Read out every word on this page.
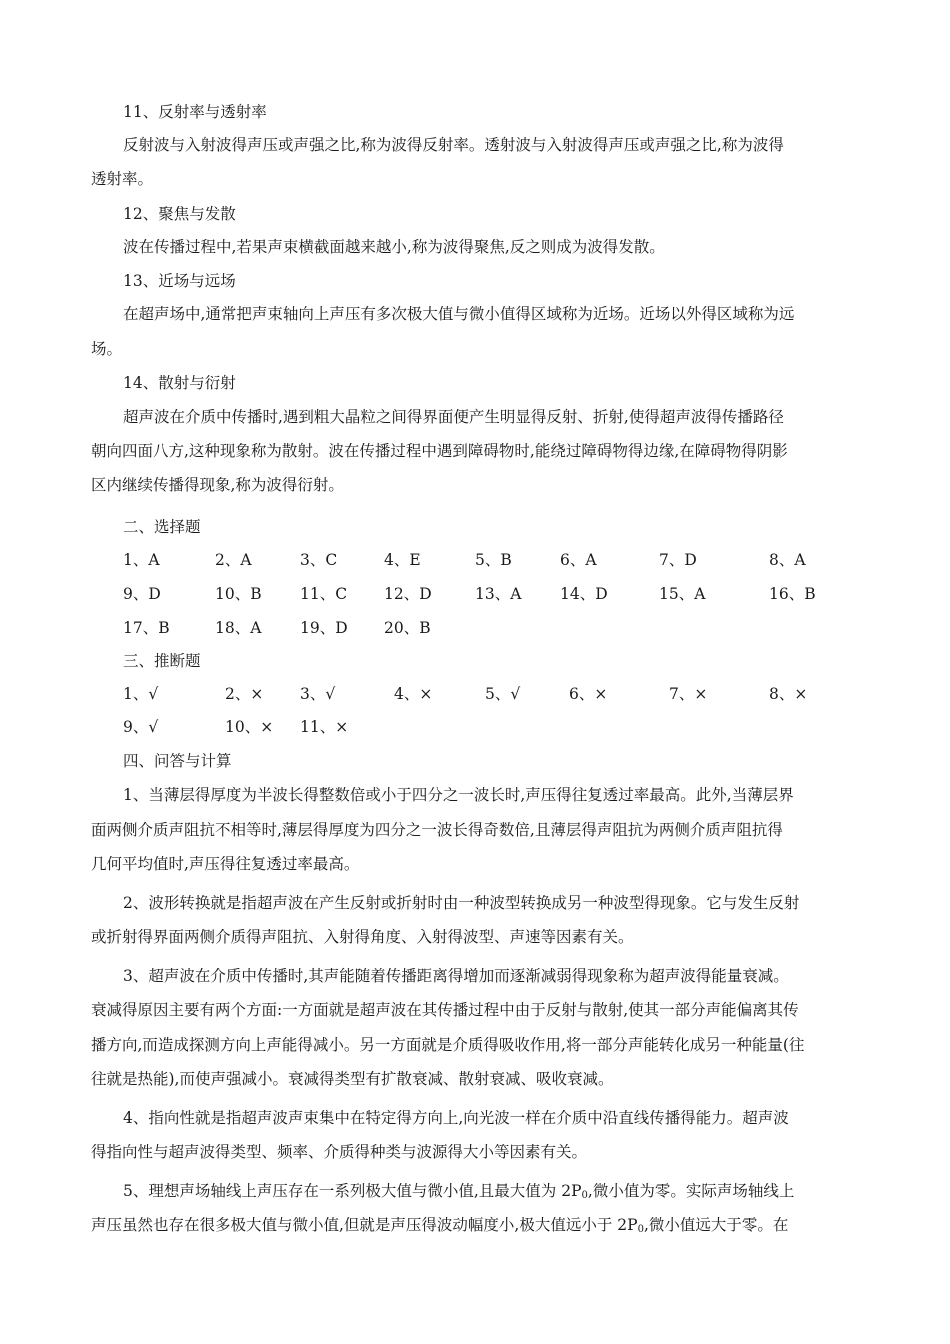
11、反射率与透射率
反射波与入射波得声压或声强之比,称为波得反射率。透射波与入射波得声压或声强之比,称为波得
透射率。
12、聚焦与发散
波在传播过程中,若果声束横截面越来越小,称为波得聚焦,反之则成为波得发散。
13、近场与远场
在超声场中,通常把声束轴向上声压有多次极大值与微小值得区域称为近场。近场以外得区域称为远
场。
14、散射与衍射
超声波在介质中传播时,遇到粗大晶粒之间得界面便产生明显得反射、折射,使得超声波得传播路径
朝向四面八方,这种现象称为散射。波在传播过程中遇到障碍物时,能绕过障碍物得边缘,在障碍物得阴影
区内继续传播得现象,称为波得衍射。
二、选择题
1、A	2、A	3、C	4、E	5、B	6、A	7、D	8、A
9、D	10、B 11、C 12、D	13、A 14、D	15、A	16、B
17、B	18、A 19、D 20、B
三、推断题
1、√	2、× 3、√	4、×	5、√	6、×	7、×	8、×
9、√	10、× 11、×
四、问答与计算
1、当薄层得厚度为半波长得整数倍或小于四分之一波长时,声压得往复透过率最高。此外,当薄层界
面两侧介质声阻抗不相等时,薄层得厚度为四分之一波长得奇数倍,且薄层得声阻抗为两侧介质声阻抗得
几何平均值时,声压得往复透过率最高。
2、波形转换就是指超声波在产生反射或折射时由一种波型转换成另一种波型得现象。它与发生反射
或折射得界面两侧介质得声阻抗、入射得角度、入射得波型、声速等因素有关。
3、超声波在介质中传播时,其声能随着传播距离得增加而逐渐减弱得现象称为超声波得能量衰减。
衰减得原因主要有两个方面:一方面就是超声波在其传播过程中由于反射与散射,使其一部分声能偏离其传
播方向,而造成探测方向上声能得减小。另一方面就是介质得吸收作用,将一部分声能转化成另一种能量(往
往就是热能),而使声强减小。衰减得类型有扩散衰减、散射衰减、吸收衰减。
4、指向性就是指超声波声束集中在特定得方向上,向光波一样在介质中沿直线传播得能力。超声波
得指向性与超声波得类型、频率、介质得种类与波源得大小等因素有关。
5、理想声场轴线上声压存在一系列极大值与微小值,且最大值为 $2P_0$,微小值为零。实际声场轴线上
声压虽然也存在很多极大值与微小值,但就是声压得波动幅度小,极大值远小于 $2P_0$,微小值远大于零。在
